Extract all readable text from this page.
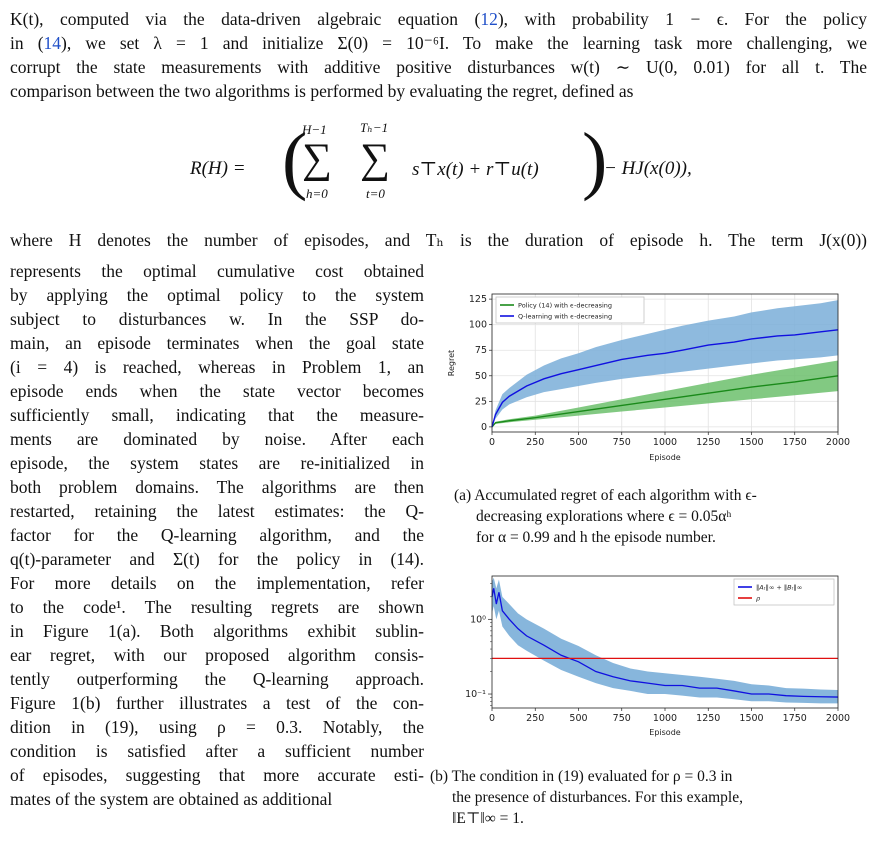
K(t), computed via the data-driven algebraic equation (12), with probability 1 − ϵ. For the policy
in (14), we set λ = 1 and initialize Σ(0) = 10⁻⁶I. To make the learning task more challenging, we
corrupt the state measurements with additive positive disturbances w(t) ∼ U(0, 0.01) for all t. The
comparison between the two algorithms is performed by evaluating the regret, defined as
R(H) = (
H−1
∑
h=0
Tₕ−1
∑
t=0
s⊤x(t) + r⊤u(t) )
− HJ(x(0)),
where H denotes the number of episodes, and Tₕ is the duration of episode h. The term J(x(0))
represents the optimal cumulative cost obtained
by applying the optimal policy to the system
subject to disturbances w. In the SSP do-
main, an episode terminates when the goal state
(i = 4) is reached, whereas in Problem 1, an
episode ends when the state vector becomes
sufficiently small, indicating that the measure-
ments are dominated by noise. After each
episode, the system states are re-initialized in
both problem domains. The algorithms are then
restarted, retaining the latest estimates: the Q-
factor for the Q-learning algorithm, and the
q(t)-parameter and Σ(t) for the policy in (14).
For more details on the implementation, refer
to the code¹. The resulting regrets are shown
in Figure 1(a). Both algorithms exhibit sublin-
ear regret, with our proposed algorithm consis-
tently outperforming the Q-learning approach.
Figure 1(b) further illustrates a test of the con-
dition in (19), using ρ = 0.3. Notably, the
condition is satisfied after a sufficient number
of episodes, suggesting that more accurate esti-
mates of the system are obtained as additional
0	250	500	750 1000 1250 1500 1750 2000
0
25
50
75
100
125
Episode
Regret
Policy (14) with ϵ-decreasing
Q-learning with ϵ-decreasing
(a) Accumulated regret of each algorithm with ϵ-
decreasing explorations where ϵ = 0.05αʰ
for α = 0.99 and h the episode number.
0	250	500	750 1000 1250 1500 1750 2000
10⁰
10⁻¹
Episode
‖Aₜ‖∞ + ‖Bₜ‖∞
ρ
(b) The condition in (19) evaluated for ρ = 0.3 in
the presence of disturbances. For this example,
‖E⊤‖∞ = 1.
